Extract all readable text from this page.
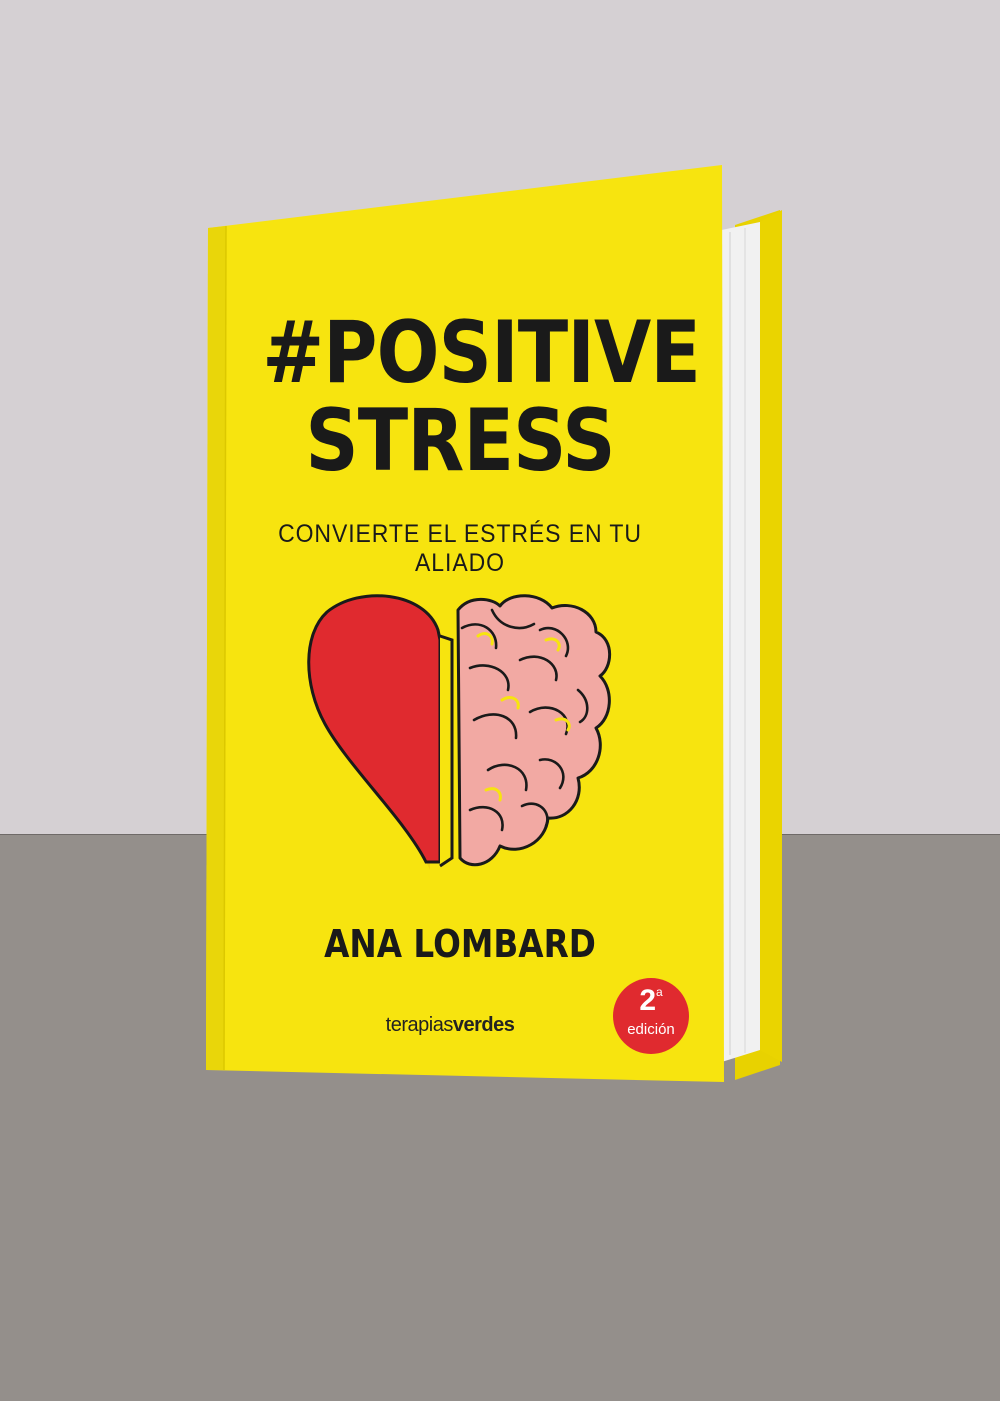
#POSITIVE
STRESS
CONVIERTE EL ESTRÉS EN TU ALIADO
ANA LOMBARD
terapiasverdes
2$^a$
edición
